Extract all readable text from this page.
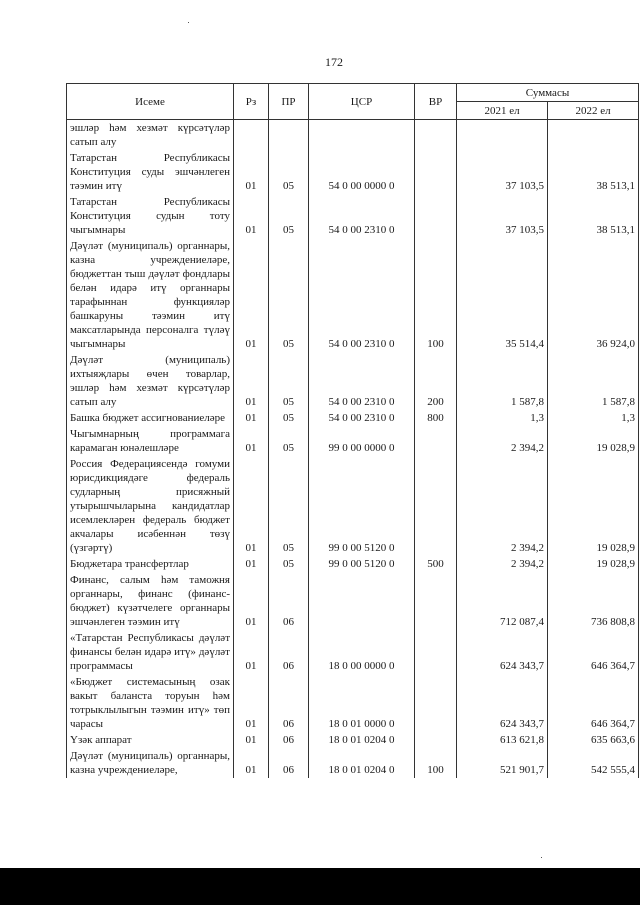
172
Исеме	Рз	ПР	ЦСР	ВР	Суммасы	
					2021 ел	2022 ел
эшләр һәм хезмәт күрсәтүләр сатып алу						
Татарстан Республикасы Конституция суды эшчәнлеген тәэмин итү	01	05	54 0 00 0000 0		37 103,5	38 513,1
Татарстан Республикасы Конституция судын тоту чыгымнары	01	05	54 0 00 2310 0		37 103,5	38 513,1
Дәүләт (муниципаль) органнары, казна учреждениеләре, бюджеттан тыш дәүләт фондлары белән идарә итү органнары тарафыннан функцияләр башкаруны тәэмин итү максатларында персоналга түләү чыгымнары	01	05	54 0 00 2310 0	100	35 514,4	36 924,0
Дәүләт (муниципаль) ихтыяҗлары өчен товарлар, эшләр һәм хезмәт күрсәтүләр сатып алу	01	05	54 0 00 2310 0	200	1 587,8	1 587,8
Башка бюджет ассигнованиеләре	01	05	54 0 00 2310 0	800	1,3	1,3
Чыгымнарның программага карамаган юнәлешләре	01	05	99 0 00 0000 0		2 394,2	19 028,9
Россия Федерациясендә гомуми юрисдикциядәге федераль судларның присяжный утырышчыларына кандидатлар исемлекләрен федераль бюджет акчалары исәбеннән төзү (үзгәртү)	01	05	99 0 00 5120 0		2 394,2	19 028,9
Бюджетара трансфертлар	01	05	99 0 00 5120 0	500	2 394,2	19 028,9
Финанс, салым һәм таможня органнары, финанс (финанс-бюджет) күзәтчелеге органнары эшчәнлеген тәэмин итү	01	06			712 087,4	736 808,8
«Татарстан Республикасы дәүләт финансы белән идарә итү» дәүләт программасы	01	06	18 0 00 0000 0		624 343,7	646 364,7
«Бюджет системасының озак вакыт баланста торуын һәм тотрыклылыгын тәэмин итү» төп чарасы	01	06	18 0 01 0000 0		624 343,7	646 364,7
Үзәк аппарат	01	06	18 0 01 0204 0		613 621,8	635 663,6
Дәүләт (муниципаль) органнары, казна учреждениеләре,	01	06	18 0 01 0204 0	100	521 901,7	542 555,4
